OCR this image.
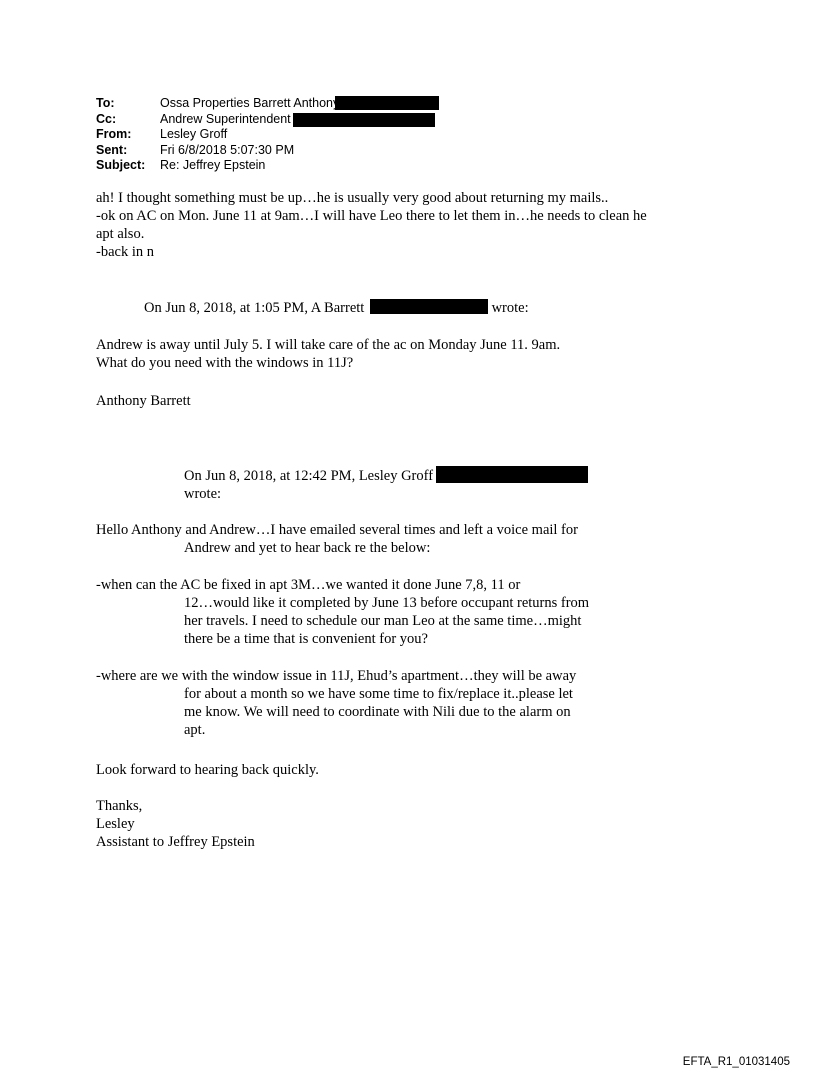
To:	Ossa Properties Barrett Anthony
Cc:	Andrew Superintendent
From:	Lesley Groff
Sent:	Fri 6/8/2018 5:07:30 PM
Subject:	Re: Jeffrey Epstein

ah! I thought something must be up…he is usually very good about returning my mails..

-ok on AC on Mon. June 11 at 9am…I will have Leo there to let them in…he needs to clean he

apt also.

-back in n

On Jun 8, 2018, at 1:05 PM, A Barrett	wrote:

Andrew is away until July 5. I will take care of the ac on Monday June 11. 9am.

What do you need with the windows in 11J?

Anthony Barrett
On Jun 8, 2018, at 12:42 PM, Lesley Groff
wrote:

Hello Anthony and Andrew…I have emailed several times and left a voice mail for

Andrew and yet to hear back re the below:

-when can the AC be fixed in apt 3M…we wanted it done June 7,8, 11 or

12…would like it completed by June 13 before occupant returns from

her travels. I need to schedule our man Leo at the same time…might

there be a time that is convenient for you?

-where are we with the window issue in 11J, Ehud’s apartment…they will be away

for about a month so we have some time to fix/replace it..please let

me know. We will need to coordinate with Nili due to the alarm on

apt.

Look forward to hearing back quickly.

Thanks,

Lesley

Assistant to Jeffrey Epstein

EFTA_R1_01031405
